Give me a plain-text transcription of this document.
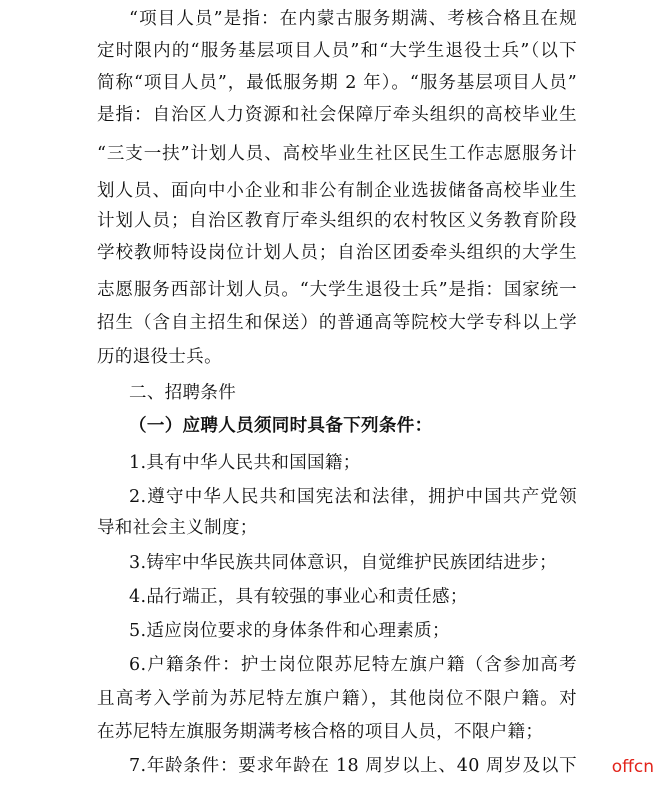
“项目人员”是指：在内蒙古服务期满、考核合格且在规
定时限内的“服务基层项目人员”和“大学生退役士兵”（以下
简称“项目人员”，最低服务期 2 年）。“服务基层项目人员”
是指：自治区人力资源和社会保障厅牵头组织的高校毕业生
“三支一扶”计划人员、高校毕业生社区民生工作志愿服务计
划人员、面向中小企业和非公有制企业选拔储备高校毕业生
计划人员；自治区教育厅牵头组织的农村牧区义务教育阶段
学校教师特设岗位计划人员；自治区团委牵头组织的大学生
志愿服务西部计划人员。“大学生退役士兵”是指：国家统一
招生（含自主招生和保送）的普通高等院校大学专科以上学
历的退役士兵。
二、招聘条件
（一）应聘人员须同时具备下列条件：
1.具有中华人民共和国国籍；
2.遵守中华人民共和国宪法和法律，拥护中国共产党领
导和社会主义制度；
3.铸牢中华民族共同体意识，自觉维护民族团结进步；
4.品行端正，具有较强的事业心和责任感；
5.适应岗位要求的身体条件和心理素质；
6.户籍条件：护士岗位限苏尼特左旗户籍（含参加高考
且高考入学前为苏尼特左旗户籍），其他岗位不限户籍。对
在苏尼特左旗服务期满考核合格的项目人员，不限户籍；
7.年龄条件：要求年龄在 18 周岁以上、40 周岁及以下 offcn
